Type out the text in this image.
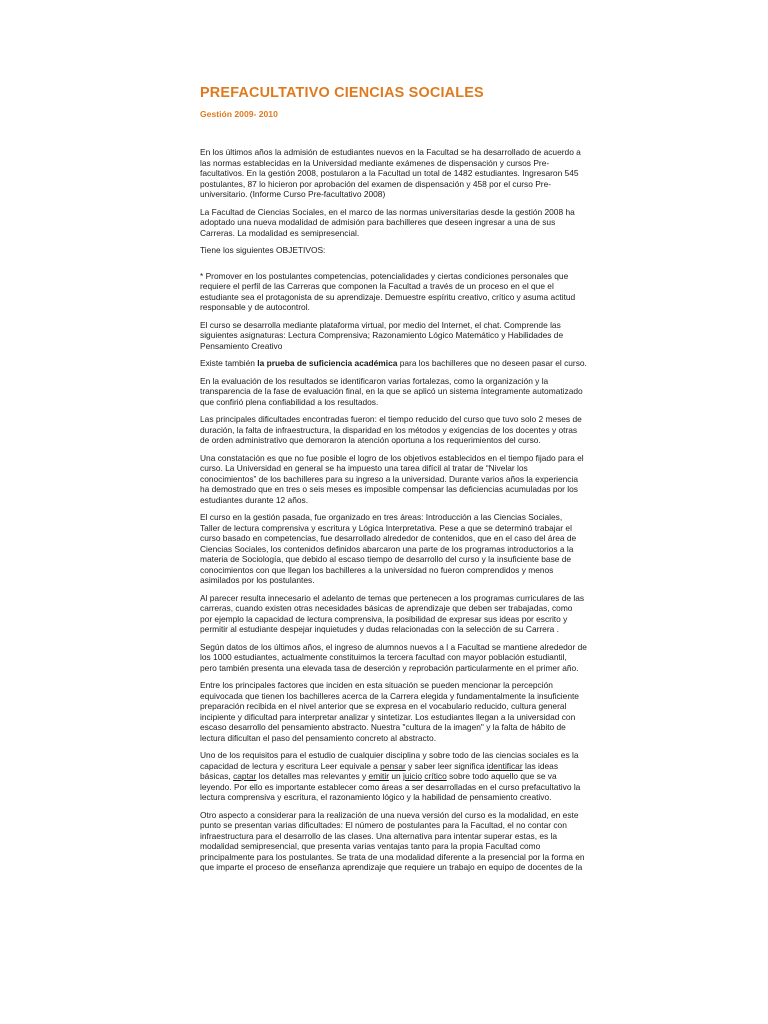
PREFACULTATIVO CIENCIAS SOCIALES

Gestión 2009- 2010

En los últimos años la admisión de estudiantes nuevos en la Facultad se ha desarrollado de acuerdo a
las normas establecidas en la Universidad mediante exámenes de dispensación y cursos Pre-
facultativos. En la gestión 2008, postularon a la Facultad un total de 1482 estudiantes. Ingresaron 545
postulantes, 87 lo hicieron por aprobación del examen de dispensación y 458 por el curso Pre-
universitario. (Informe Curso Pre-facultativo 2008)

La Facultad de Ciencias Sociales, en el marco de las normas universitarias desde la gestión 2008 ha
adoptado una nueva modalidad de admisión para bachilleres que deseen ingresar a una de sus
Carreras. La modalidad es semipresencial.

Tiene los siguientes OBJETIVOS:

* Promover en los postulantes competencias, potencialidades y ciertas condiciones personales que
requiere el perfil de las Carreras que componen la Facultad a través de un proceso en el que el
estudiante sea el protagonista de su aprendizaje. Demuestre espíritu creativo, crítico y asuma actitud
responsable y de autocontrol.

El curso se desarrolla mediante plataforma virtual, por medio del Internet, el chat. Comprende las
siguientes asignaturas: Lectura Comprensiva; Razonamiento Lógico Matemático y Habilidades de
Pensamiento Creativo

Existe también la prueba de suficiencia académica para los bachilleres que no deseen pasar el curso.

En la evaluación de los resultados se identificaron varias fortalezas, como la organización y la
transparencia de la fase de evaluación final, en la que se aplicó un sistema íntegramente automatizado
que confirió plena confiabilidad a los resultados.

Las principales dificultades encontradas fueron: el tiempo reducido del curso que tuvo solo 2 meses de
duración, la falta de infraestructura, la disparidad en los métodos y exigencias de los docentes y otras
de orden administrativo que demoraron la atención oportuna a los requerimientos del curso.

Una constatación es que no fue posible el logro de los objetivos establecidos en el tiempo fijado para el
curso. La Universidad en general se ha impuesto una tarea difícil al tratar de “Nivelar los
conocimientos” de los bachilleres para su ingreso a la universidad. Durante varios años la experiencia
ha demostrado que en tres o seis meses es imposible compensar las deficiencias acumuladas por los
estudiantes durante 12 años.

El curso en la gestión pasada, fue organizado en tres áreas: Introducción a las Ciencias Sociales,
Taller de lectura comprensiva y escritura y Lógica Interpretativa. Pese a que se determinó trabajar el
curso basado en competencias, fue desarrollado alrededor de contenidos, que en el caso del área de
Ciencias Sociales, los contenidos definidos abarcaron una parte de los programas introductorios a la
materia de Sociología, que debido al escaso tiempo de desarrollo del curso y la insuficiente base de
conocimientos con que llegan los bachilleres a la universidad no fueron comprendidos y menos
asimilados por los postulantes.

Al parecer resulta innecesario el adelanto de temas que pertenecen a los programas curriculares de las
carreras, cuando existen otras necesidades básicas de aprendizaje que deben ser trabajadas, como
por ejemplo la capacidad de lectura comprensiva, la posibilidad de expresar sus ideas por escrito y
permitir al estudiante despejar inquietudes y dudas relacionadas con la selección de su Carrera .

Según datos de los últimos años, el ingreso de alumnos nuevos a l a Facultad se mantiene alrededor de
los 1000 estudiantes, actualmente constituimos la tercera facultad con mayor población estudiantil,
pero también presenta una elevada tasa de deserción y reprobación particularmente en el primer año.

Entre los principales factores que inciden en esta situación se pueden mencionar la percepción
equivocada que tienen los bachilleres acerca de la Carrera elegida y fundamentalmente la insuficiente
preparación recibida en el nivel anterior que se expresa en el vocabulario reducido, cultura general
incipiente y dificultad para interpretar analizar y sintetizar. Los estudiantes llegan a la universidad con
escaso desarrollo del pensamiento abstracto. Nuestra "cultura de la imagen" y la falta de hábito de
lectura dificultan el paso del pensamiento concreto al abstracto.

Uno de los requisitos para el estudio de cualquier disciplina y sobre todo de las ciencias sociales es la
capacidad de lectura y escritura Leer equivale a pensar y saber leer significa identificar las ideas
básicas, captar los detalles mas relevantes y emitir un juicio crítico sobre todo aquello que se va
leyendo. Por ello es importante establecer como áreas a ser desarrolladas en el curso prefacultativo la
lectura comprensiva y escritura, el razonamiento lógico y la habilidad de pensamiento creativo.

Otro aspecto a considerar para la realización de una nueva versión del curso es la modalidad, en este
punto se presentan varias dificultades: El número de postulantes para la Facultad, el no contar con
infraestructura para el desarrollo de las clases. Una alternativa para intentar superar estas, es la
modalidad semipresencial, que presenta varias ventajas tanto para la propia Facultad como
principalmente para los postulantes. Se trata de una modalidad diferente a la presencial por la forma en
que imparte el proceso de enseñanza aprendizaje que requiere un trabajo en equipo de docentes de la
